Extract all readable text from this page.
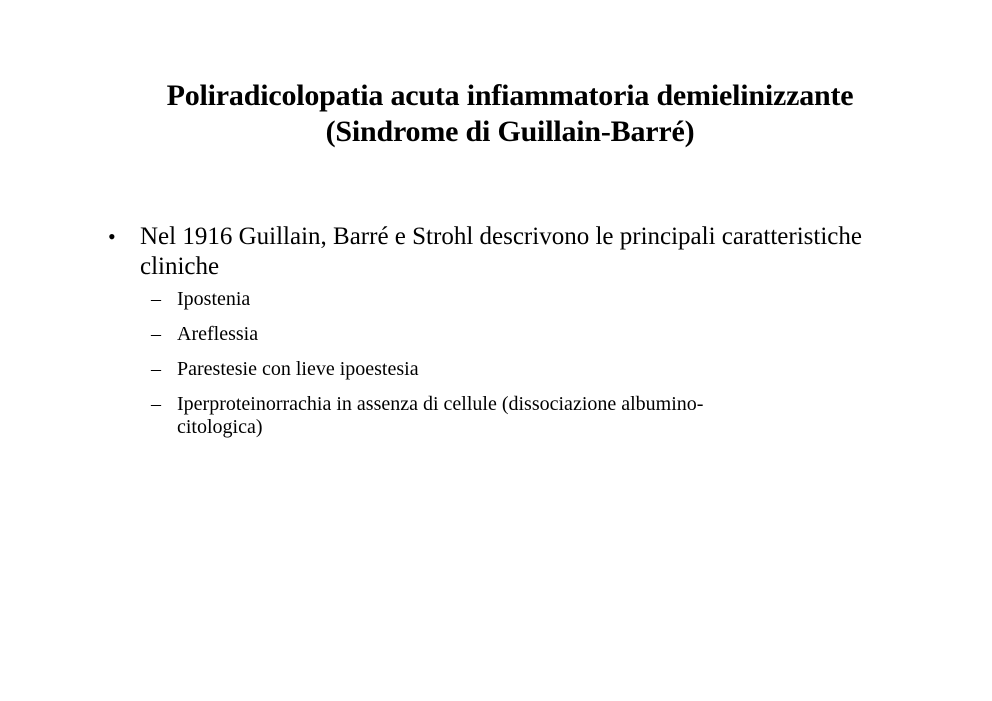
Poliradicolopatia acuta infiammatoria demielinizzante
(Sindrome di Guillain-Barré)
• Nel 1916 Guillain, Barré e Strohl descrivono le principali caratteristiche cliniche
– Ipostenia
– Areflessia
– Parestesie con lieve ipoestesia
– Iperproteinorrachia in assenza di cellule (dissociazione albumino-citologica)
